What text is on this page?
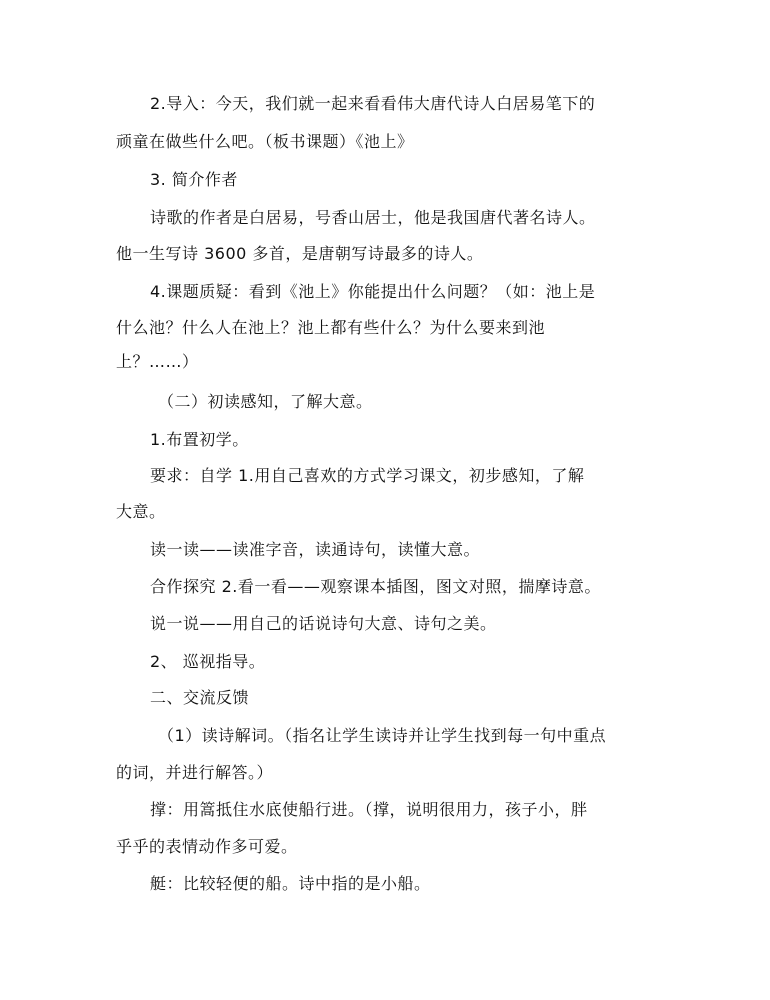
2.导入：今天，我们就一起来看看伟大唐代诗人白居易笔下的
顽童在做些什么吧。（板书课题）《池上》
3. 简介作者
诗歌的作者是白居易，号香山居士，他是我国唐代著名诗人。
他一生写诗 3600 多首，是唐朝写诗最多的诗人。
4.课题质疑：看到《池上》你能提出什么问题？（如：池上是
什么池？什么人在池上？池上都有些什么？为什么要来到池
上？……）
（二）初读感知，了解大意。
1.布置初学。
要求：自学 1.用自己喜欢的方式学习课文，初步感知，了解
大意。
读一读——读准字音，读通诗句，读懂大意。
合作探究 2.看一看——观察课本插图，图文对照，揣摩诗意。
说一说——用自己的话说诗句大意、诗句之美。
2、 巡视指导。
二、交流反馈
（1）读诗解词。（指名让学生读诗并让学生找到每一句中重点
的词，并进行解答。）
撑：用篙抵住水底使船行进。（撑，说明很用力，孩子小，胖
乎乎的表情动作多可爱。
艇：比较轻便的船。诗中指的是小船。
